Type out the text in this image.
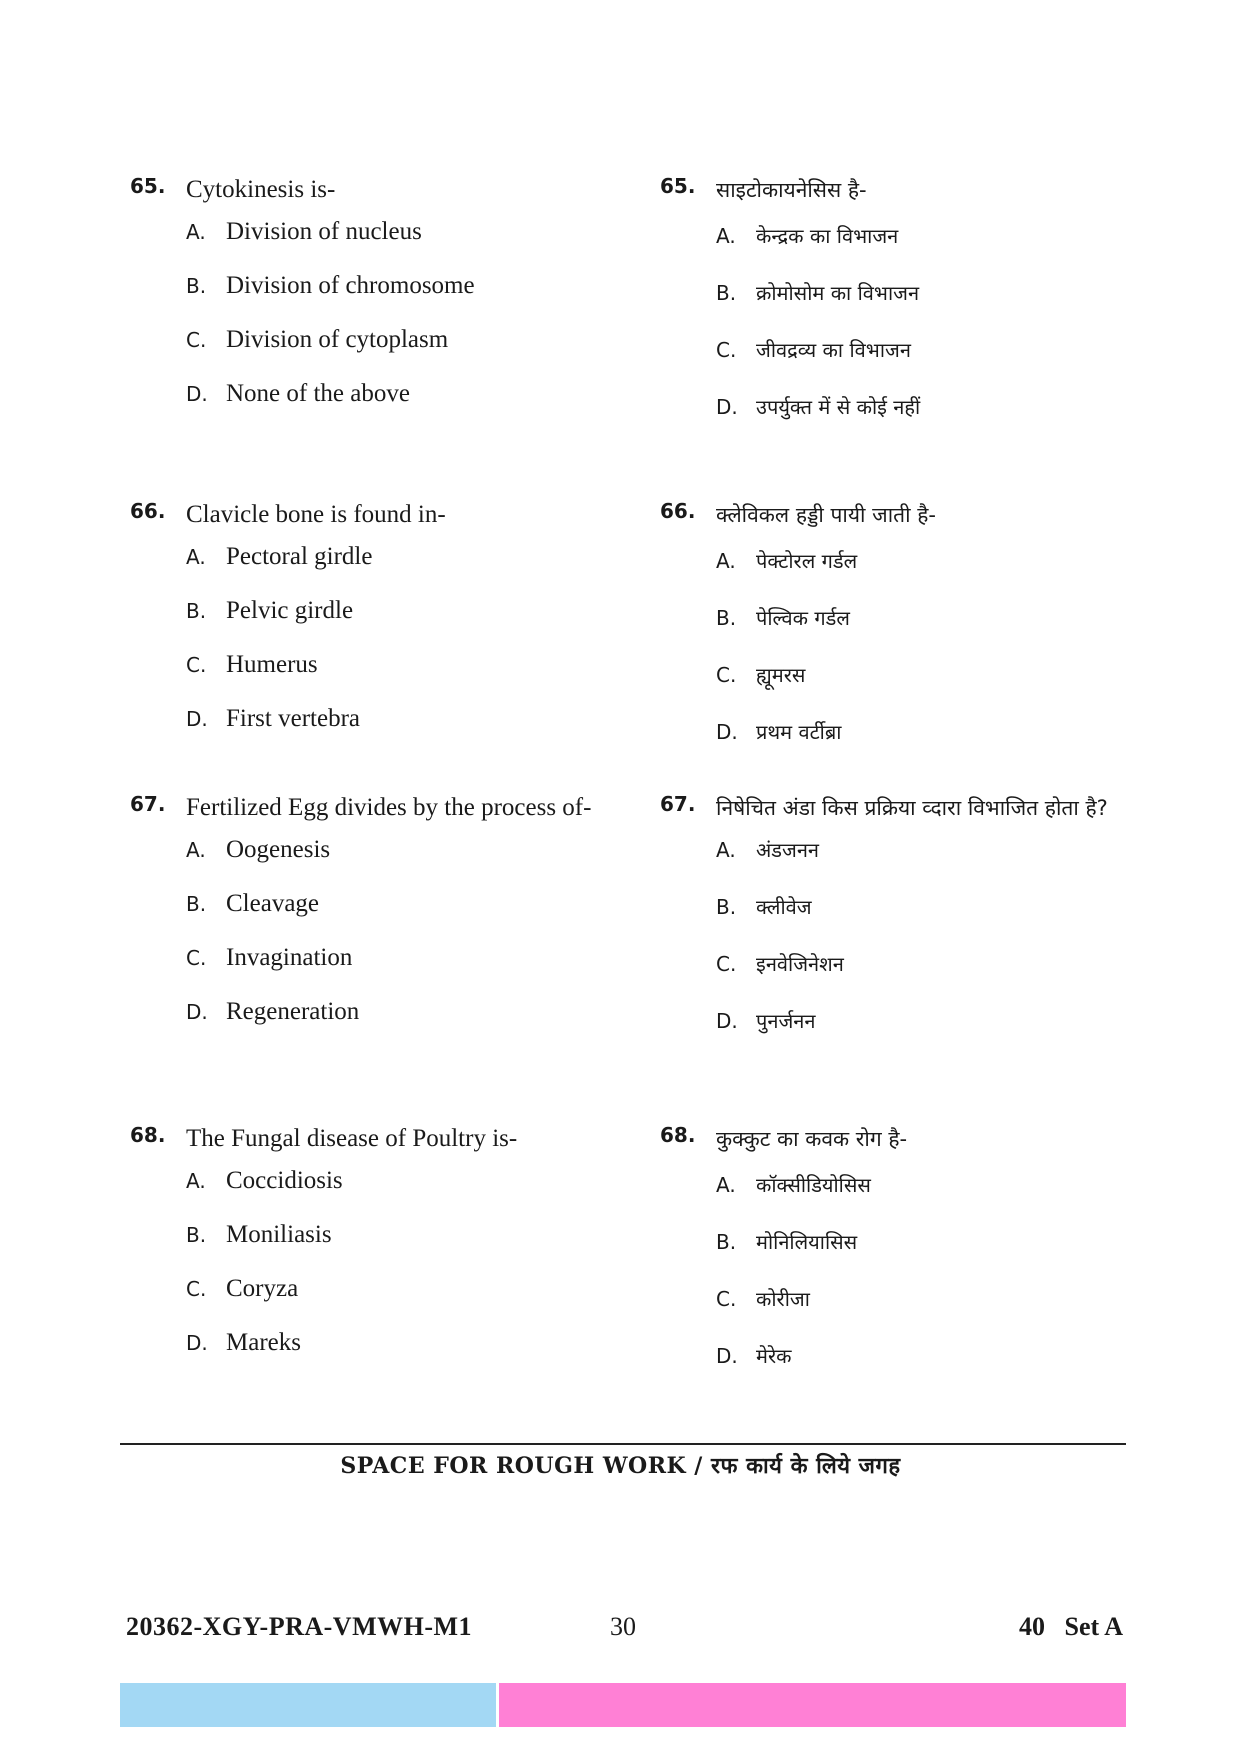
65. Cytokinesis is-
A. Division of nucleus
B. Division of chromosome
C. Division of cytoplasm
D. None of the above
66. Clavicle bone is found in-
A. Pectoral girdle
B. Pelvic girdle
C. Humerus
D. First vertebra
67. Fertilized Egg divides by the process of-
A. Oogenesis
B. Cleavage
C. Invagination
D. Regeneration
68. The Fungal disease of Poultry is-
A. Coccidiosis
B. Moniliasis
C. Coryza
D. Mareks
65. साइटोकायनेसिस है-
A.	केन्द्रक का विभाजन
B. क्रोमोसोम का विभाजन
C. जीवद्रव्य का विभाजन
D. उपर्युक्त में से कोई नहीं
66. क्लेविकल हड्डी पायी जाती है-
A.	पेक्टोरल गर्डल
B. पेल्विक गर्डल
C. ह्यूमरस
D. प्रथम वर्टीब्रा
67. निषेचित अंडा किस प्रक्रिया व्दारा विभाजित होता है?
A.	अंडजनन
B. क्लीवेज
C. इनवेजिनेशन
D. पुनर्जनन
68. कुक्कुट का कवक रोग है-
A.	कॉक्सीडियोसिस
B. मोनिलियासिस
C. कोरीजा
D. मेरेक
SPACE FOR ROUGH WORK / रफ कार्य के लिये जगह
20362-XGY-PRA-VMWH-M1	30	40   Set A
